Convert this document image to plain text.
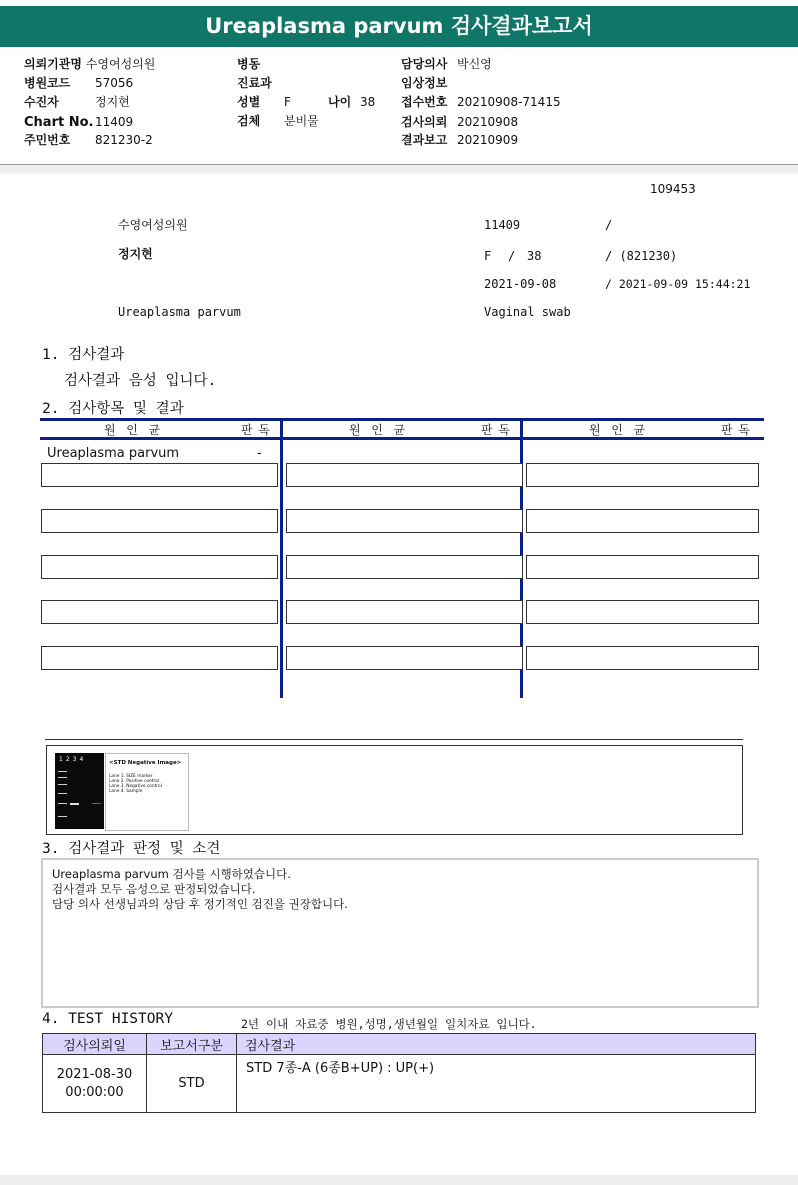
Ureaplasma parvum 검사결과보고서
의뢰기관명 수영여성의원
병원코드 57056
수진자	정지현
Chart No. 11409
주민번호 821230-2
병동
진료과
성별 F	나이 38
검체 분비물
담당의사 박신영
임상정보
접수번호 20210908-71415
검사의뢰 20210908
결과보고 20210909
109453
수영여성의원	11409	/
정지현	F / 38	/ (821230)
2021-09-08	/ 2021-09-09 15:44:21
Ureaplasma parvum	Vaginal swab
1. 검사결과
검사결과 음성 입니다.
2. 검사항목 및 결과
원  인  균	판 독	원  인  균	판 독	원  인  균	판 독
Ureaplasma parvum	-
1234	<STD Negative Image>
Lane 1. SIZE marker
Lane 2. Positive control
Lane 3. Negative control
Lane 4. Sample
3. 검사결과 판정 및 소견
Ureaplasma parvum 검사를 시행하였습니다.
검사결과 모두 음성으로 판정되었습니다.
담당 의사 선생님과의 상담 후 정기적인 검진을 권장합니다.
4. TEST HISTORY	2년 이내 자료중 병원,성명,생년월일 일치자료 입니다.
검사의뢰일	보고서구분	검사결과

2021-08-30
00:00:00	STD	STD 7종-A (6종B+UP) : UP(+)
